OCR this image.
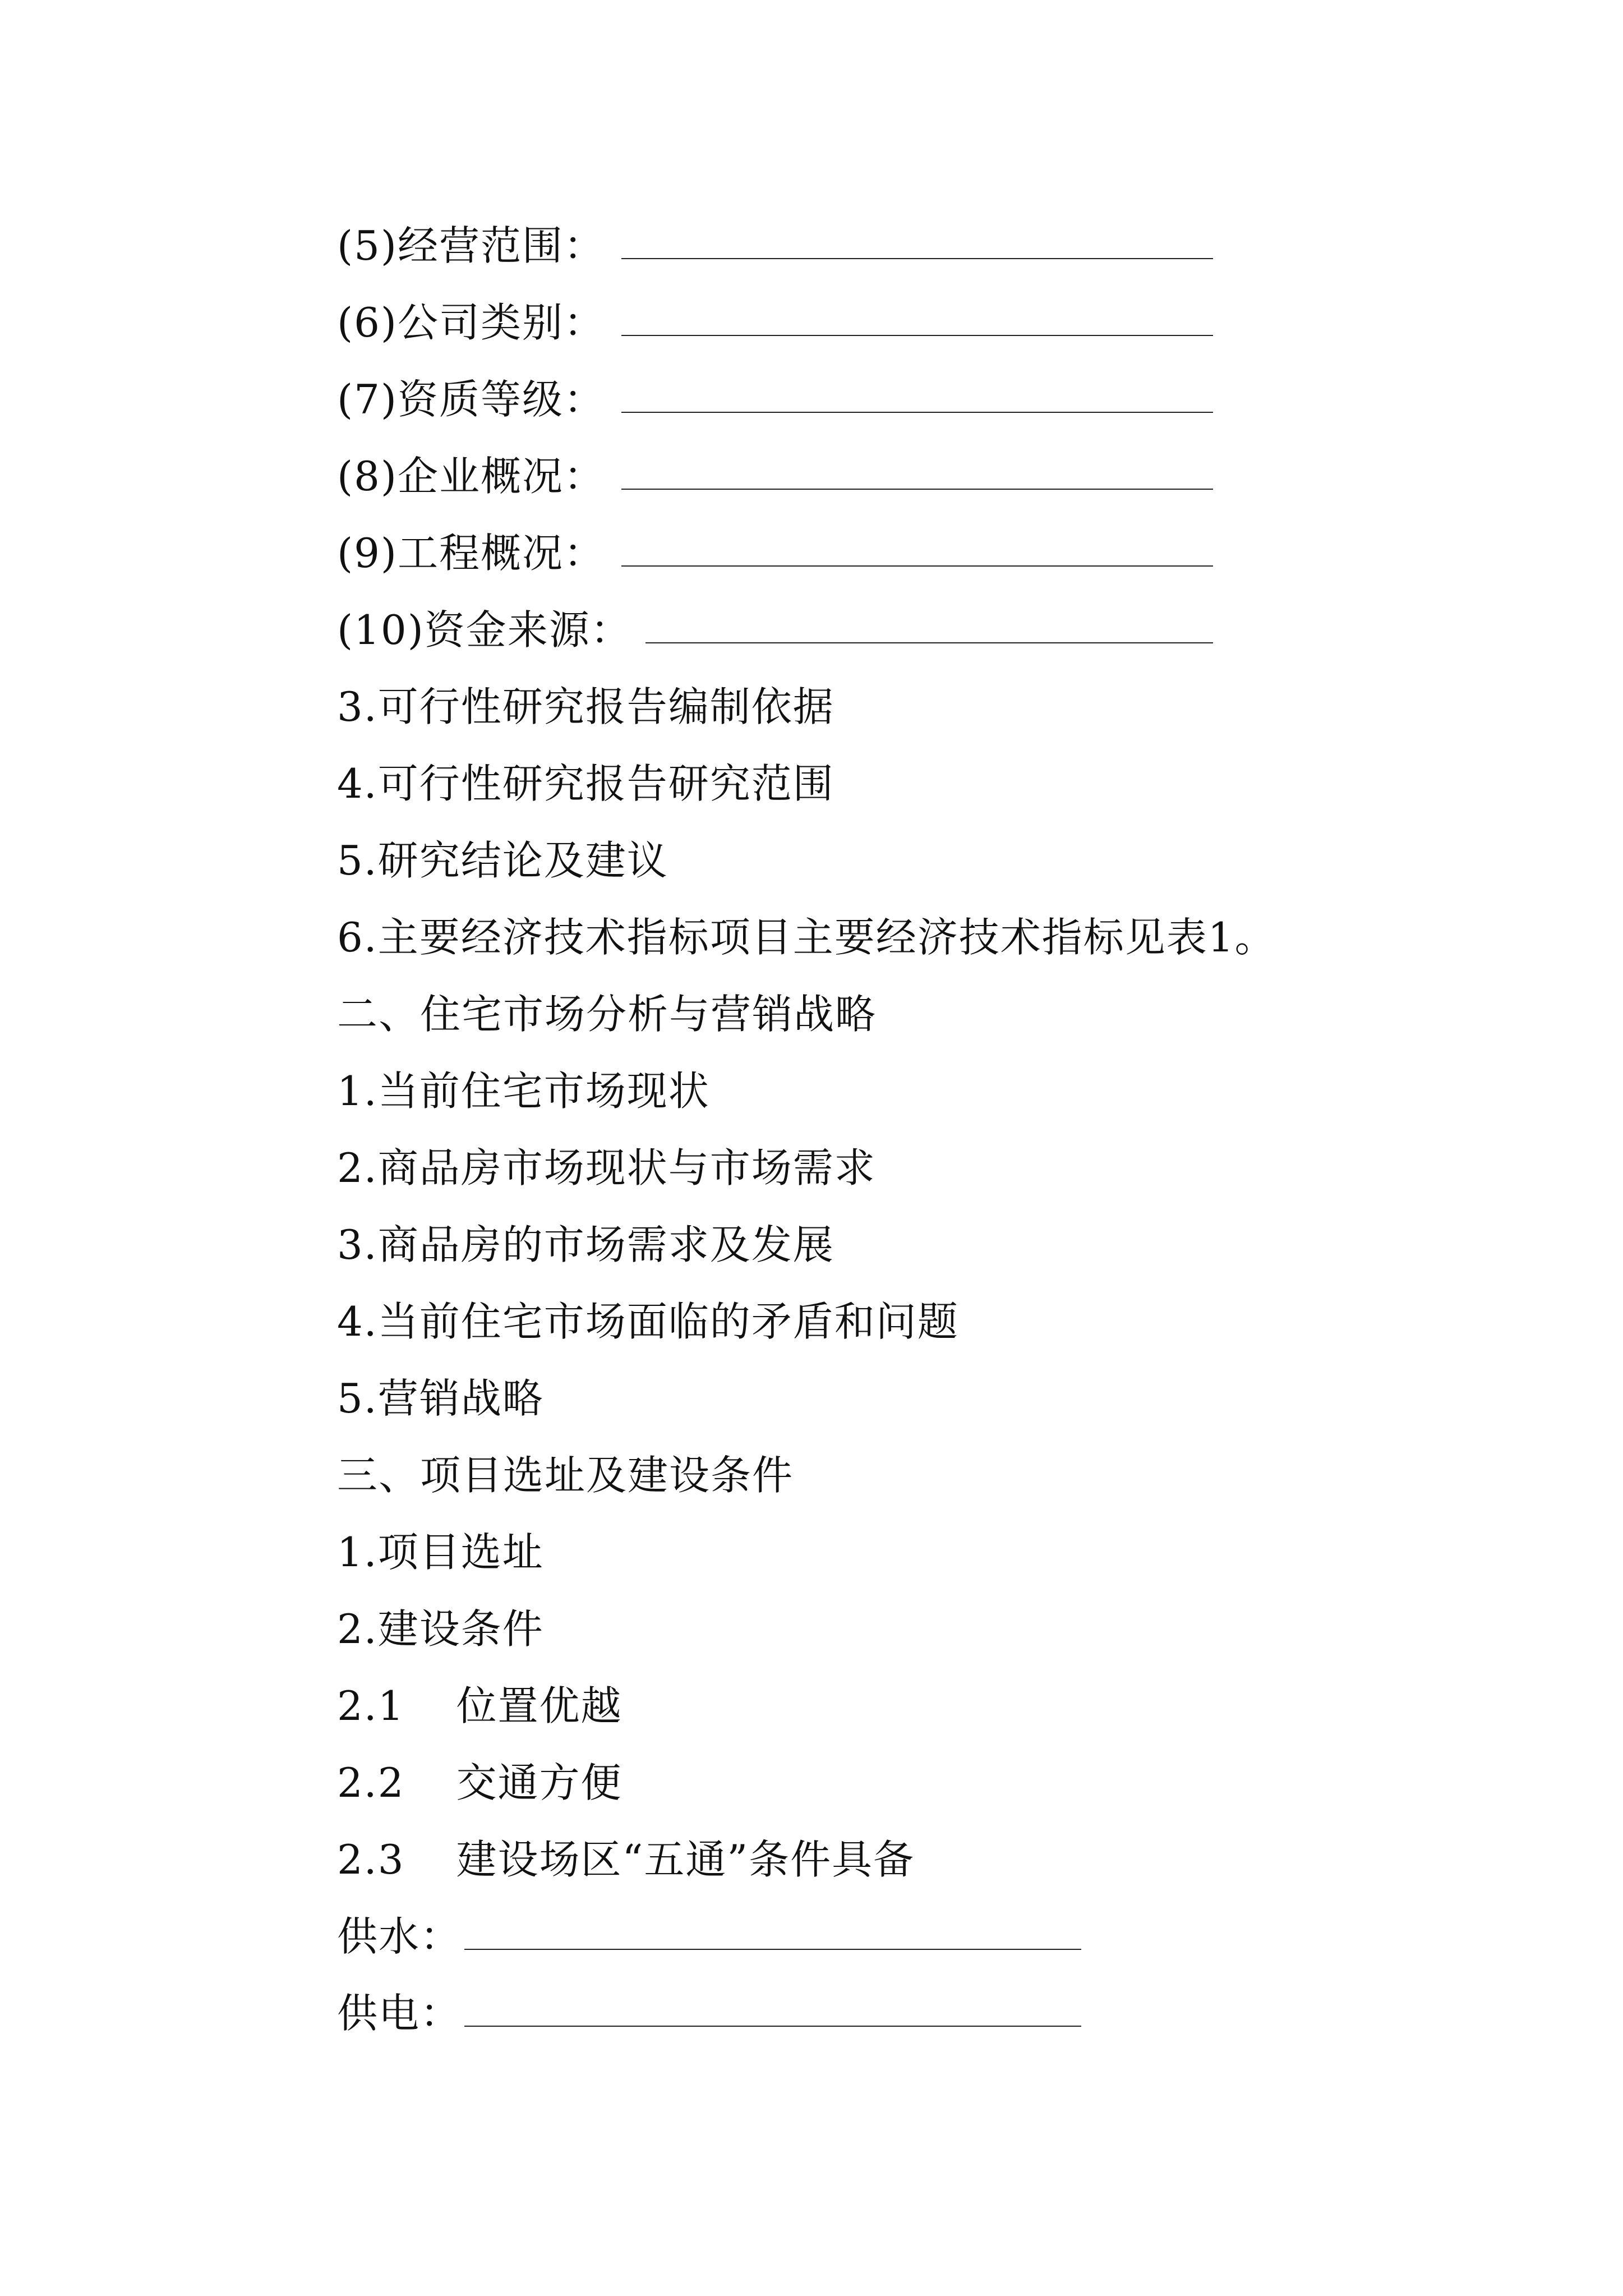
(5)经营范围：
(6)公司类别：
(7)资质等级：
(8)企业概况：
(9)工程概况：
(10)资金来源：
3.可行性研究报告编制依据
4.可行性研究报告研究范围
5.研究结论及建议
6.主要经济技术指标项目主要经济技术指标见表1。
二、住宅市场分析与营销战略
1.当前住宅市场现状
2.商品房市场现状与市场需求
3.商品房的市场需求及发展
4.当前住宅市场面临的矛盾和问题
5.营销战略
三、项目选址及建设条件
1.项目选址
2.建设条件
2.1 位置优越
2.2 交通方便
2.3 建设场区“五通”条件具备
供水：
供电：
